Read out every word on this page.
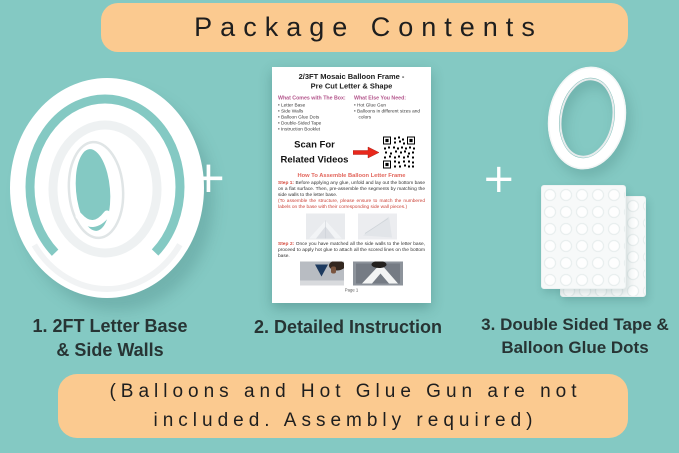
Package Contents
+
2/3FT Mosaic Balloon Frame -
Pre Cut Letter & Shape
What Comes with The Box:
• Letter Base
• Side Walls
• Balloon Glue Dots
• Double-Sided Tape
• Instruction Booklet
What Else You Need:
• Hot Glue Gun
• Balloons in different sizes and colors
Scan For
Related Videos
How To Assemble Balloon Letter Frame
Step 1: Before applying any glue, unfold and lay out the bottom base on a flat surface. Then, pre-assemble the segments by matching the side walls to the letter base.
(To assemble the structure, please ensure to match the numbered labels on the base with their corresponding side wall pieces.)
Step 2: Once you have matched all the side walls to the letter base, proceed to apply hot glue to attach all the scored lines on the bottom base.
Page 1
+
1. 2FT Letter Base
& Side Walls
2. Detailed Instruction	3. Double Sided Tape &
Balloon Glue Dots
(Balloons and Hot Glue Gun are not
included. Assembly required)
